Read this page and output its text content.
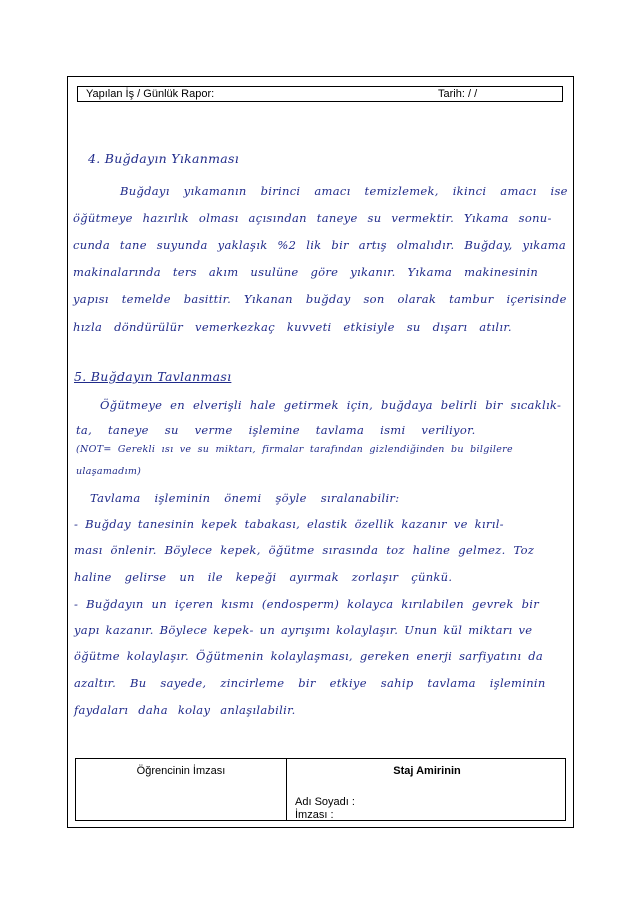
Yapılan İş / Günlük Rapor:	Tarih: / /
4. Buğdayın Yıkanması
Buğdayı yıkamanın birinci amacı temizlemek, ikinci amacı ise
öğütmeye hazırlık olması açısından taneye su vermektir. Yıkama sonu-
cunda tane suyunda yaklaşık %2 lik bir artış olmalıdır. Buğday, yıkama
makinalarında ters akım usulüne göre yıkanır. Yıkama makinesinin
yapısı temelde basittir. Yıkanan buğday son olarak tambur içerisinde
hızla döndürülür vemerkezkaç kuvveti etkisiyle su dışarı atılır.
5. Buğdayın Tavlanması
Öğütmeye en elverişli hale getirmek için, buğdaya belirli bir sıcaklık-
ta, taneye su verme işlemine tavlama ismi veriliyor.
(NOT= Gerekli ısı ve su miktarı, firmalar tarafından gizlendiğinden bu bilgilere
ulaşamadım)
Tavlama işleminin önemi şöyle sıralanabilir:
- Buğday tanesinin kepek tabakası, elastik özellik kazanır ve kırıl-
ması önlenir. Böylece kepek, öğütme sırasında toz haline gelmez. Toz
haline gelirse un ile kepeği ayırmak zorlaşır çünkü.
- Buğdayın un içeren kısmı (endosperm) kolayca kırılabilen gevrek bir
yapı kazanır. Böylece kepek- un ayrışımı kolaylaşır. Unun kül miktarı ve
öğütme kolaylaşır. Öğütmenin kolaylaşması, gereken enerji sarfiyatını da
azaltır. Bu sayede, zincirleme bir etkiye sahip tavlama işleminin
faydaları daha kolay anlaşılabilir.
Öğrencinin İmzası	Staj Amirinin
Adı Soyadı :
İmzası :
